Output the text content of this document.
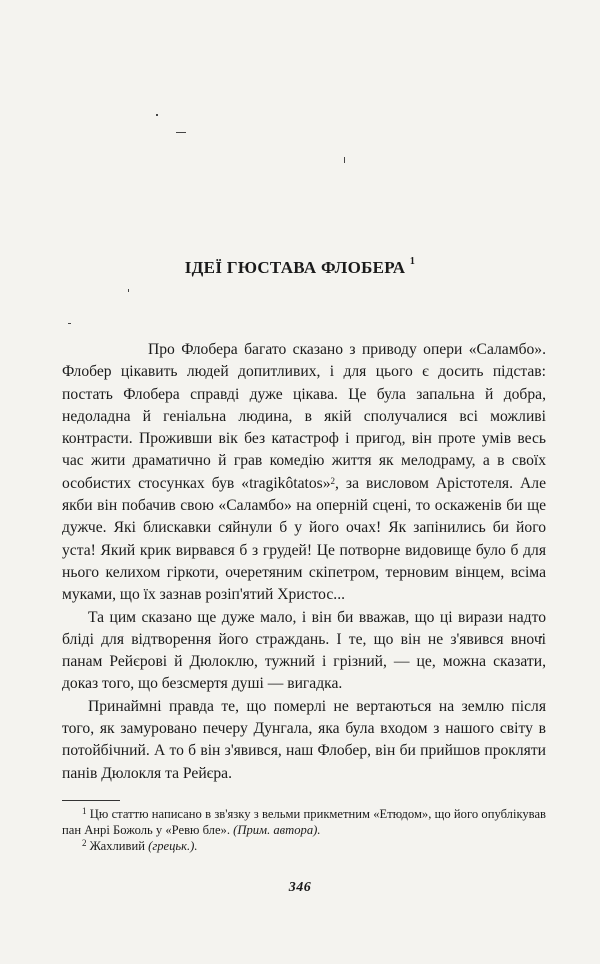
ІДЕЇ ГЮСТАВА ФЛОБЕРА $^1$

Про Флобера багато сказано з приводу опери «Саламбо». Флобер цікавить людей допитливих, і для цього є досить підстав: постать Флобера справді дуже цікава. Це була запальна й добра, недоладна й геніальна людина, в якій сполучалися всі можливі контрасти. Проживши вік без катастроф і пригод, він проте умів весь час жити драматично й грав комедію життя як мелодраму, а в своїх особистих стосунках був «tragikôtatos»$^2$, за висловом Арістотеля. Але якби він побачив свою «Саламбо» на оперній сцені, то оскаженів би ще дужче. Які блискавки сяйнули б у його очах! Як запінились би його уста! Який крик вирвався б з грудей! Це потворне видовище було б для нього келихом гіркоти, очеретяним скіпетром, терновим вінцем, всіма муками, що їх зазнав розіп'ятий Христос...

Та цим сказано ще дуже мало, і він би вважав, що ці вирази надто бліді для відтворення його страждань. І те, що він не з'явився вночі панам Рейєрові й Дюлоклю, тужний і грізний, — це, можна сказати, доказ того, що безсмертя душі — вигадка.

Принаймні правда те, що померлі не вертаються на землю після того, як замуровано печеру Дунгала, яка була входом з нашого світу в потойбічний. А то б він з'явився, наш Флобер, він би прийшов прокляти панів Дюлокля та Рейєра.

$^1$ Цю статтю написано в зв'язку з вельми прикметним «Етюдом», що його опублікував пан Анрі Божоль у «Ревю бле». (Прим. автора).

$^2$ Жахливий (грецьк.).

346
